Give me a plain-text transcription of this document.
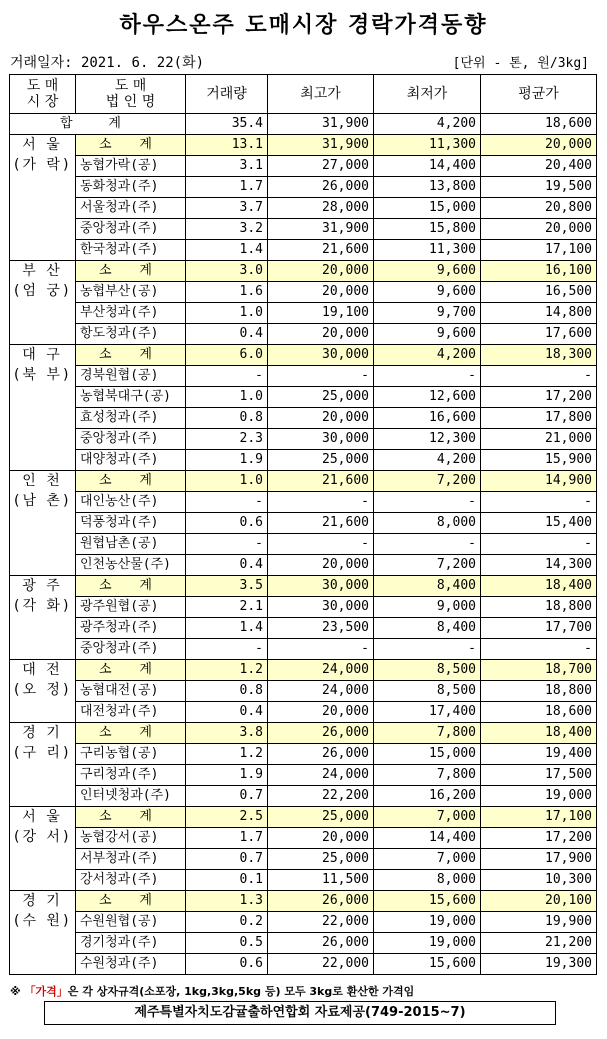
하우스온주 도매시장 경락가격동향
거래일자: 2021. 6. 22(화)	[단위 - 톤, 원/3kg]
도 매
시 장	도 매
법 인 명	거래량	최고가	최저가	평균가
합 계		35.4	31,900	4,200	18,600
서 울
(가 락)	소 계	13.1	31,900	11,300	20,000
	농협가락(공)	3.1	27,000	14,400	20,400
	동화청과(주)	1.7	26,000	13,800	19,500
	서울청과(주)	3.7	28,000	15,000	20,800
	중앙청과(주)	3.2	31,900	15,800	20,000
	한국청과(주)	1.4	21,600	11,300	17,100
부 산
(엄 궁)	소 계	3.0	20,000	9,600	16,100
	농협부산(공)	1.6	20,000	9,600	16,500
	부산청과(주)	1.0	19,100	9,700	14,800
	항도청과(주)	0.4	20,000	9,600	17,600
대 구
(북 부)	소 계	6.0	30,000	4,200	18,300
	경북원협(공)	-	-	-	-
	농협북대구(공)	1.0	25,000	12,600	17,200
	효성청과(주)	0.8	20,000	16,600	17,800
	중앙청과(주)	2.3	30,000	12,300	21,000
	대양청과(주)	1.9	25,000	4,200	15,900
인 천
(남 촌)	소 계	1.0	21,600	7,200	14,900
	대인농산(주)	-	-	-	-
	덕풍청과(주)	0.6	21,600	8,000	15,400
	원협남촌(공)	-	-	-	-
	인천농산물(주)	0.4	20,000	7,200	14,300
광 주
(각 화)	소 계	3.5	30,000	8,400	18,400
	광주원협(공)	2.1	30,000	9,000	18,800
	광주청과(주)	1.4	23,500	8,400	17,700
	중앙청과(주)	-	-	-	-
대 전
(오 정)	소 계	1.2	24,000	8,500	18,700
	농협대전(공)	0.8	24,000	8,500	18,800
	대전청과(주)	0.4	20,000	17,400	18,600
경 기
(구 리)	소 계	3.8	26,000	7,800	18,400
	구리농협(공)	1.2	26,000	15,000	19,400
	구리청과(주)	1.9	24,000	7,800	17,500
	인터넷청과(주)	0.7	22,200	16,200	19,000
서 울
(강 서)	소 계	2.5	25,000	7,000	17,100
	농협강서(공)	1.7	20,000	14,400	17,200
	서부청과(주)	0.7	25,000	7,000	17,900
	강서청과(주)	0.1	11,500	8,000	10,300
경 기
(수 원)	소 계	1.3	26,000	15,600	20,100
	수원원협(공)	0.2	22,000	19,000	19,900
	경기청과(주)	0.5	26,000	19,000	21,200
	수원청과(주)	0.6	22,000	15,600	19,300
※ 「가격」은 각 상자규격(소포장, 1kg,3kg,5kg 등) 모두 3kg로 환산한 가격임
제주특별자치도감귤출하연합회 자료제공(749-2015~7)
